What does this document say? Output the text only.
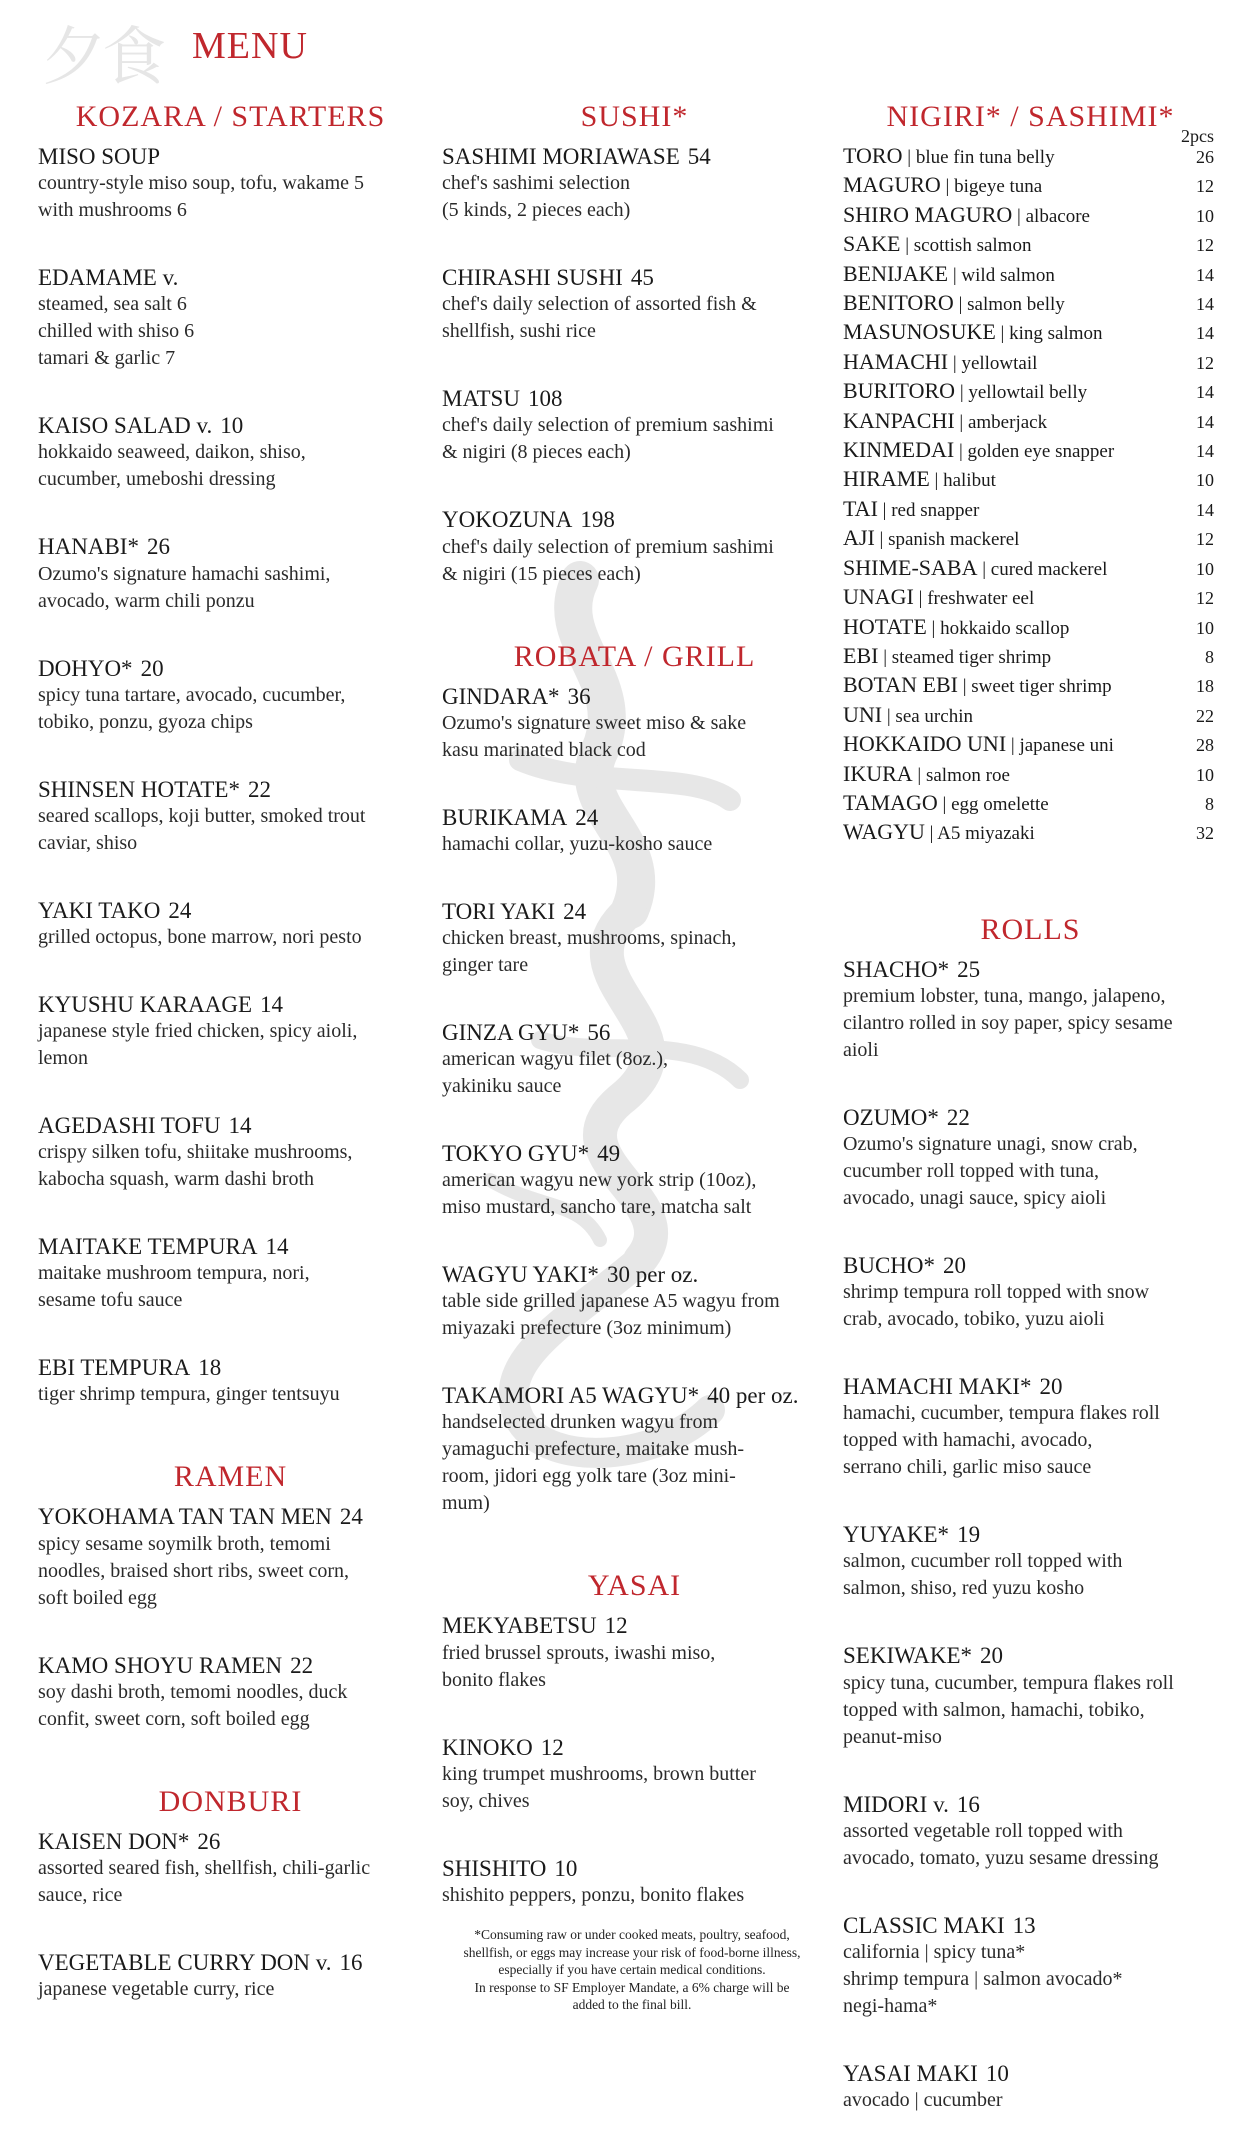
夕食 MENU
KOZARA / STARTERS
MISO SOUP
country-style miso soup, tofu, wakame 5
with mushrooms 6
EDAMAME v.
steamed, sea salt 6
chilled with shiso 6
tamari & garlic 7
KAISO SALAD v. 10
hokkaido seaweed, daikon, shiso,
cucumber, umeboshi dressing
HANABI* 26
Ozumo's signature hamachi sashimi,
avocado, warm chili ponzu
DOHYO* 20
spicy tuna tartare, avocado, cucumber,
tobiko, ponzu, gyoza chips
SHINSEN HOTATE* 22
seared scallops, koji butter, smoked trout
caviar, shiso
YAKI TAKO 24
grilled octopus, bone marrow, nori pesto
KYUSHU KARAAGE 14
japanese style fried chicken, spicy aioli,
lemon
AGEDASHI TOFU 14
crispy silken tofu, shiitake mushrooms,
kabocha squash, warm dashi broth
MAITAKE TEMPURA 14
maitake mushroom tempura, nori,
sesame tofu sauce
EBI TEMPURA 18
tiger shrimp tempura, ginger tentsuyu
RAMEN
YOKOHAMA TAN TAN MEN 24
spicy sesame soymilk broth, temomi
noodles, braised short ribs, sweet corn,
soft boiled egg
KAMO SHOYU RAMEN 22
soy dashi broth, temomi noodles, duck
confit, sweet corn, soft boiled egg
DONBURI
KAISEN DON* 26
assorted seared fish, shellfish, chili-garlic
sauce, rice
VEGETABLE CURRY DON v. 16
japanese vegetable curry, rice
SUSHI*
SASHIMI MORIAWASE 54
chef's sashimi selection
(5 kinds, 2 pieces each)
CHIRASHI SUSHI 45
chef's daily selection of assorted fish &
shellfish, sushi rice
MATSU 108
chef's daily selection of premium sashimi
& nigiri (8 pieces each)
YOKOZUNA 198
chef's daily selection of premium sashimi
& nigiri (15 pieces each)
ROBATA / GRILL
GINDARA* 36
Ozumo's signature sweet miso & sake
kasu marinated black cod
BURIKAMA 24
hamachi collar, yuzu-kosho sauce
TORI YAKI 24
chicken breast, mushrooms, spinach,
ginger tare
GINZA GYU* 56
american wagyu filet (8oz.),
yakiniku sauce
TOKYO GYU* 49
american wagyu new york strip (10oz),
miso mustard, sancho tare, matcha salt
WAGYU YAKI* 30 per oz.
table side grilled japanese A5 wagyu from
miyazaki prefecture (3oz minimum)
TAKAMORI A5 WAGYU* 40 per oz.
handselected drunken wagyu from
yamaguchi prefecture, maitake mush-
room, jidori egg yolk tare (3oz mini-
mum)
YASAI
MEKYABETSU 12
fried brussel sprouts, iwashi miso,
bonito flakes
KINOKO 12
king trumpet mushrooms, brown butter
soy, chives
SHISHITO 10
shishito peppers, ponzu, bonito flakes
NIGIRI* / SASHIMI*
2pcs
TORO | blue fin tuna belly	26
MAGURO | bigeye tuna	12
SHIRO MAGURO | albacore	10
SAKE | scottish salmon	12
BENIJAKE | wild salmon	14
BENITORO | salmon belly	14
MASUNOSUKE | king salmon	14
HAMACHI | yellowtail	12
BURITORO | yellowtail belly	14
KANPACHI | amberjack	14
KINMEDAI | golden eye snapper	14
HIRAME | halibut	10
TAI | red snapper	14
AJI | spanish mackerel	12
SHIME-SABA | cured mackerel	10
UNAGI | freshwater eel	12
HOTATE | hokkaido scallop	10
EBI | steamed tiger shrimp	8
BOTAN EBI | sweet tiger shrimp	18
UNI | sea urchin	22
HOKKAIDO UNI | japanese uni	28
IKURA | salmon roe	10
TAMAGO | egg omelette	8
WAGYU | A5 miyazaki	32
ROLLS
SHACHO* 25
premium lobster, tuna, mango, jalapeno,
cilantro rolled in soy paper, spicy sesame
aioli
OZUMO* 22
Ozumo's signature unagi, snow crab,
cucumber roll topped with tuna,
avocado, unagi sauce, spicy aioli
BUCHO* 20
shrimp tempura roll topped with snow
crab, avocado, tobiko, yuzu aioli
HAMACHI MAKI* 20
hamachi, cucumber, tempura flakes roll
topped with hamachi, avocado,
serrano chili, garlic miso sauce
YUYAKE* 19
salmon, cucumber roll topped with
salmon, shiso, red yuzu kosho
SEKIWAKE* 20
spicy tuna, cucumber, tempura flakes roll
topped with salmon, hamachi, tobiko,
peanut-miso
MIDORI v. 16
assorted vegetable roll topped with
avocado, tomato, yuzu sesame dressing
CLASSIC MAKI 13
california | spicy tuna*
shrimp tempura | salmon avocado*
negi-hama*
YASAI MAKI 10
avocado | cucumber
*Consuming raw or under cooked meats, poultry, seafood,
shellfish, or eggs may increase your risk of food-borne illness,
especially if you have certain medical conditions.
In response to SF Employer Mandate, a 6% charge will be
added to the final bill.
